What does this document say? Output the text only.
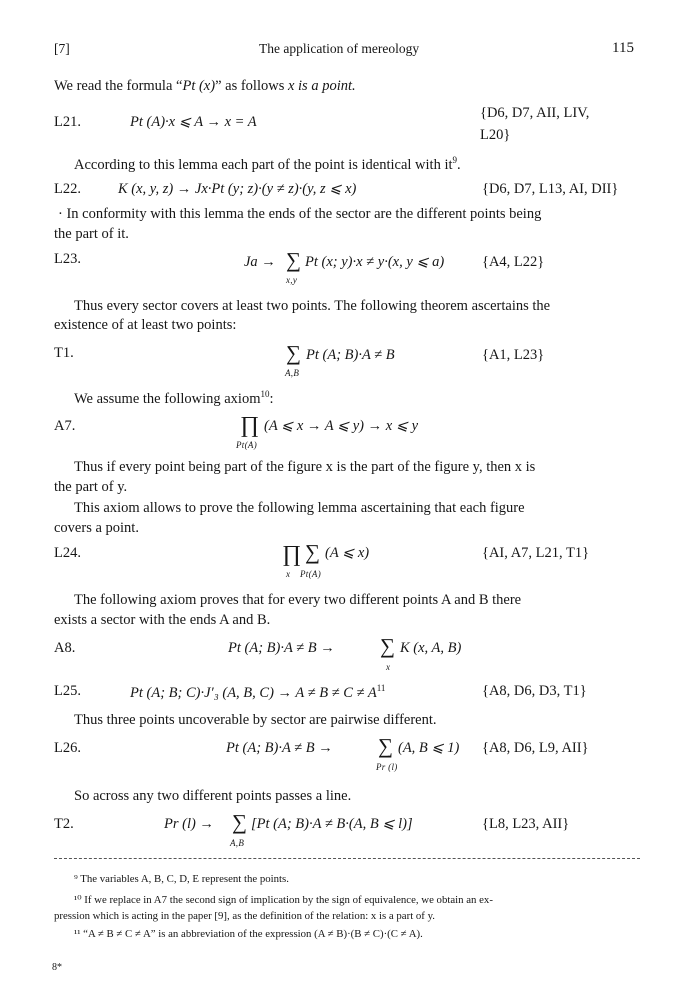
[7]	The application of mereology	115
We read the formula “Pt (x)” as follows x is a point.
L21.	Pt (A)·x ⩽ A → x = A
{D6, D7, AII, LIV,
L20}
According to this lemma each part of the point is identical with $it^9$.
L22.	K (x, y, z) → Jx·Pt (y; z)·(y ≠ z)·(y, z ⩽ x)	{D6, D7, L13, AI, DII}
· In conformity with this lemma the ends of the sector are the different points being
the part of it.
L23.	Ja → ∑
x,y
Pt (x; y)·x ≠ y·(x, y ⩽ a)	{A4, L22}
Thus every sector covers at least two points. The following theorem ascertains the
existence of at least two points:
T1.	∑
A,B
Pt (A; B)·A ≠ B	{A1, L23}
We assume the following axiom$^{10}$:
A7.	∏
Pt(A)
(A ⩽ x → A ⩽ y) → x ⩽ y
Thus if every point being part of the figure x is the part of the figure y, then x is
the part of y.
This axiom allows to prove the following lemma ascertaining that each figure
covers a point.
L24.	∏
x
∑
Pt(A)
(A ⩽ x)	{AI, A7, L21, T1}
The following axiom proves that for every two different points A and B there
exists a sector with the ends A and B.
A8.	Pt (A; B)·A ≠ B → ∑
x
K (x, A, B)
L25.	Pt (A; B; C)·J′₃ (A, B, $C) \to A \ne B \ne C \ne A^{11}$	{A8, D6, D3, T1}
Thus three points uncoverable by sector are pairwise different.
L26.	Pt (A; B)·A ≠ B → ∑
Pr (l)
(A, B ⩽ 1) {A8, D6, L9, AII}
So across any two different points passes a line.
T2.	Pr (l) → ∑
A,B
[Pt (A; B)·A ≠ B·(A, B ⩽ l)]	{L8, L23, AII}
⁹ The variables A, B, C, D, E represent the points.
¹⁰ If we replace in A7 the second sign of implication by the sign of equivalence, we obtain an ex-
pression which is acting in the paper [9], as the definition of the relation: x is a part of y.
¹¹ “A ≠ B ≠ C ≠ A” is an abbreviation of the expression (A ≠ B)·(B ≠ C)·(C ≠ A).
8*
